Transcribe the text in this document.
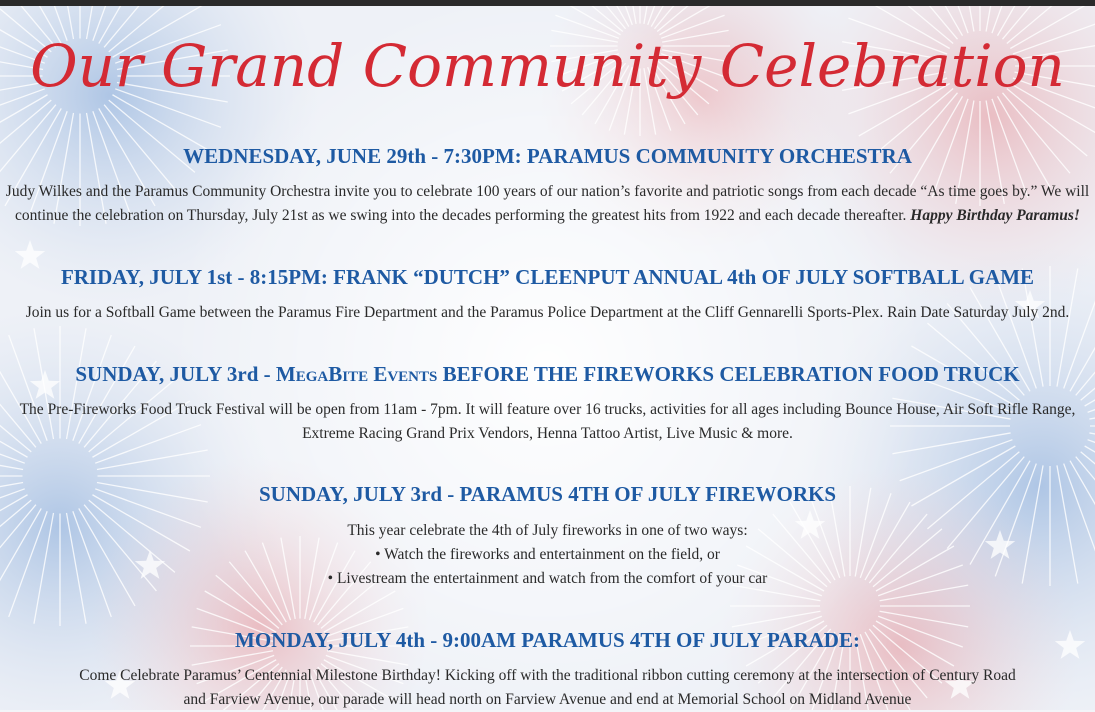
Our Grand Community Celebration
WEDNESDAY, JUNE 29th - 7:30PM: PARAMUS COMMUNITY ORCHESTRA
Judy Wilkes and the Paramus Community Orchestra invite you to celebrate 100 years of our nation’s favorite and patriotic songs from each decade “As time goes by.” We will
continue the celebration on Thursday, July 21st as we swing into the decades performing the greatest hits from 1922 and each decade thereafter. Happy Birthday Paramus!
FRIDAY, JULY 1st - 8:15PM: FRANK “DUTCH” CLEENPUT ANNUAL 4th OF JULY SOFTBALL GAME
Join us for a Softball Game between the Paramus Fire Department and the Paramus Police Department at the Cliff Gennarelli Sports-Plex. Rain Date Saturday July 2nd.
SUNDAY, JULY 3rd - MegaBite Events BEFORE THE FIREWORKS CELEBRATION FOOD TRUCK
The Pre-Fireworks Food Truck Festival will be open from 11am - 7pm. It will feature over 16 trucks, activities for all ages including Bounce House, Air Soft Rifle Range,
Extreme Racing Grand Prix Vendors, Henna Tattoo Artist, Live Music & more.
SUNDAY, JULY 3rd - PARAMUS 4TH OF JULY FIREWORKS
This year celebrate the 4th of July fireworks in one of two ways:
• Watch the fireworks and entertainment on the field, or
• Livestream the entertainment and watch from the comfort of your car
MONDAY, JULY 4th - 9:00AM PARAMUS 4TH OF JULY PARADE:
Come Celebrate Paramus’ Centennial Milestone Birthday! Kicking off with the traditional ribbon cutting ceremony at the intersection of Century Road
and Farview Avenue, our parade will head north on Farview Avenue and end at Memorial School on Midland Avenue
